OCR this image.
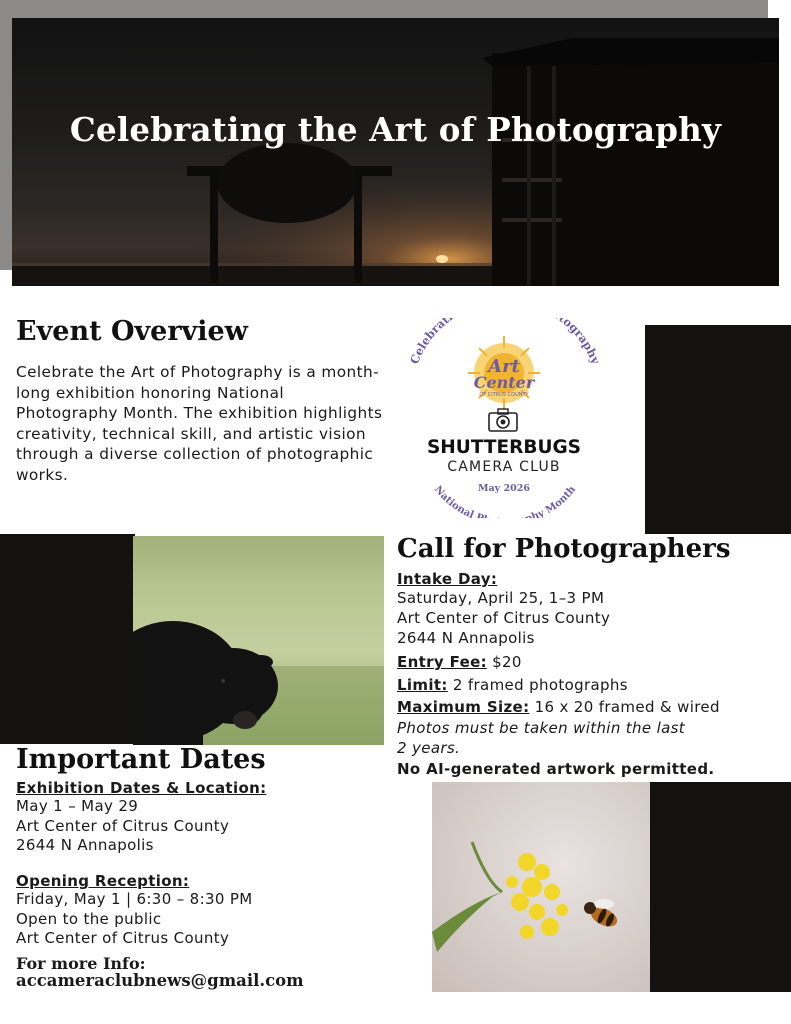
Celebrating the Art of Photography
Event Overview
Celebrate the Art of Photography is a month-long exhibition honoring National Photography Month. The exhibition highlights creativity, technical skill, and artistic vision through a diverse collection of photographic works.
Celebrat ography
Art
Center
OF CITRUS COUNTY
SHUTTERBUGS
CAMERA CLUB
May 2026
National hy Month
Call for Photographers
Intake Day:
Saturday, April 25, 1–3 PM
Art Center of Citrus County
2644 N Annapolis
Entry Fee: $20
Limit: 2 framed photographs
Maximum Size: 16 x 20 framed & wired
Photos must be taken within the last
2 years.
No AI-generated artwork permitted.
Important Dates
Exhibition Dates & Location:
May 1 – May 29
Art Center of Citrus County
2644 N Annapolis
Opening Reception:
Friday, May 1 | 6:30 – 8:30 PM
Open to the public
Art Center of Citrus County
For more Info:
accameraclubnews@gmail.com
